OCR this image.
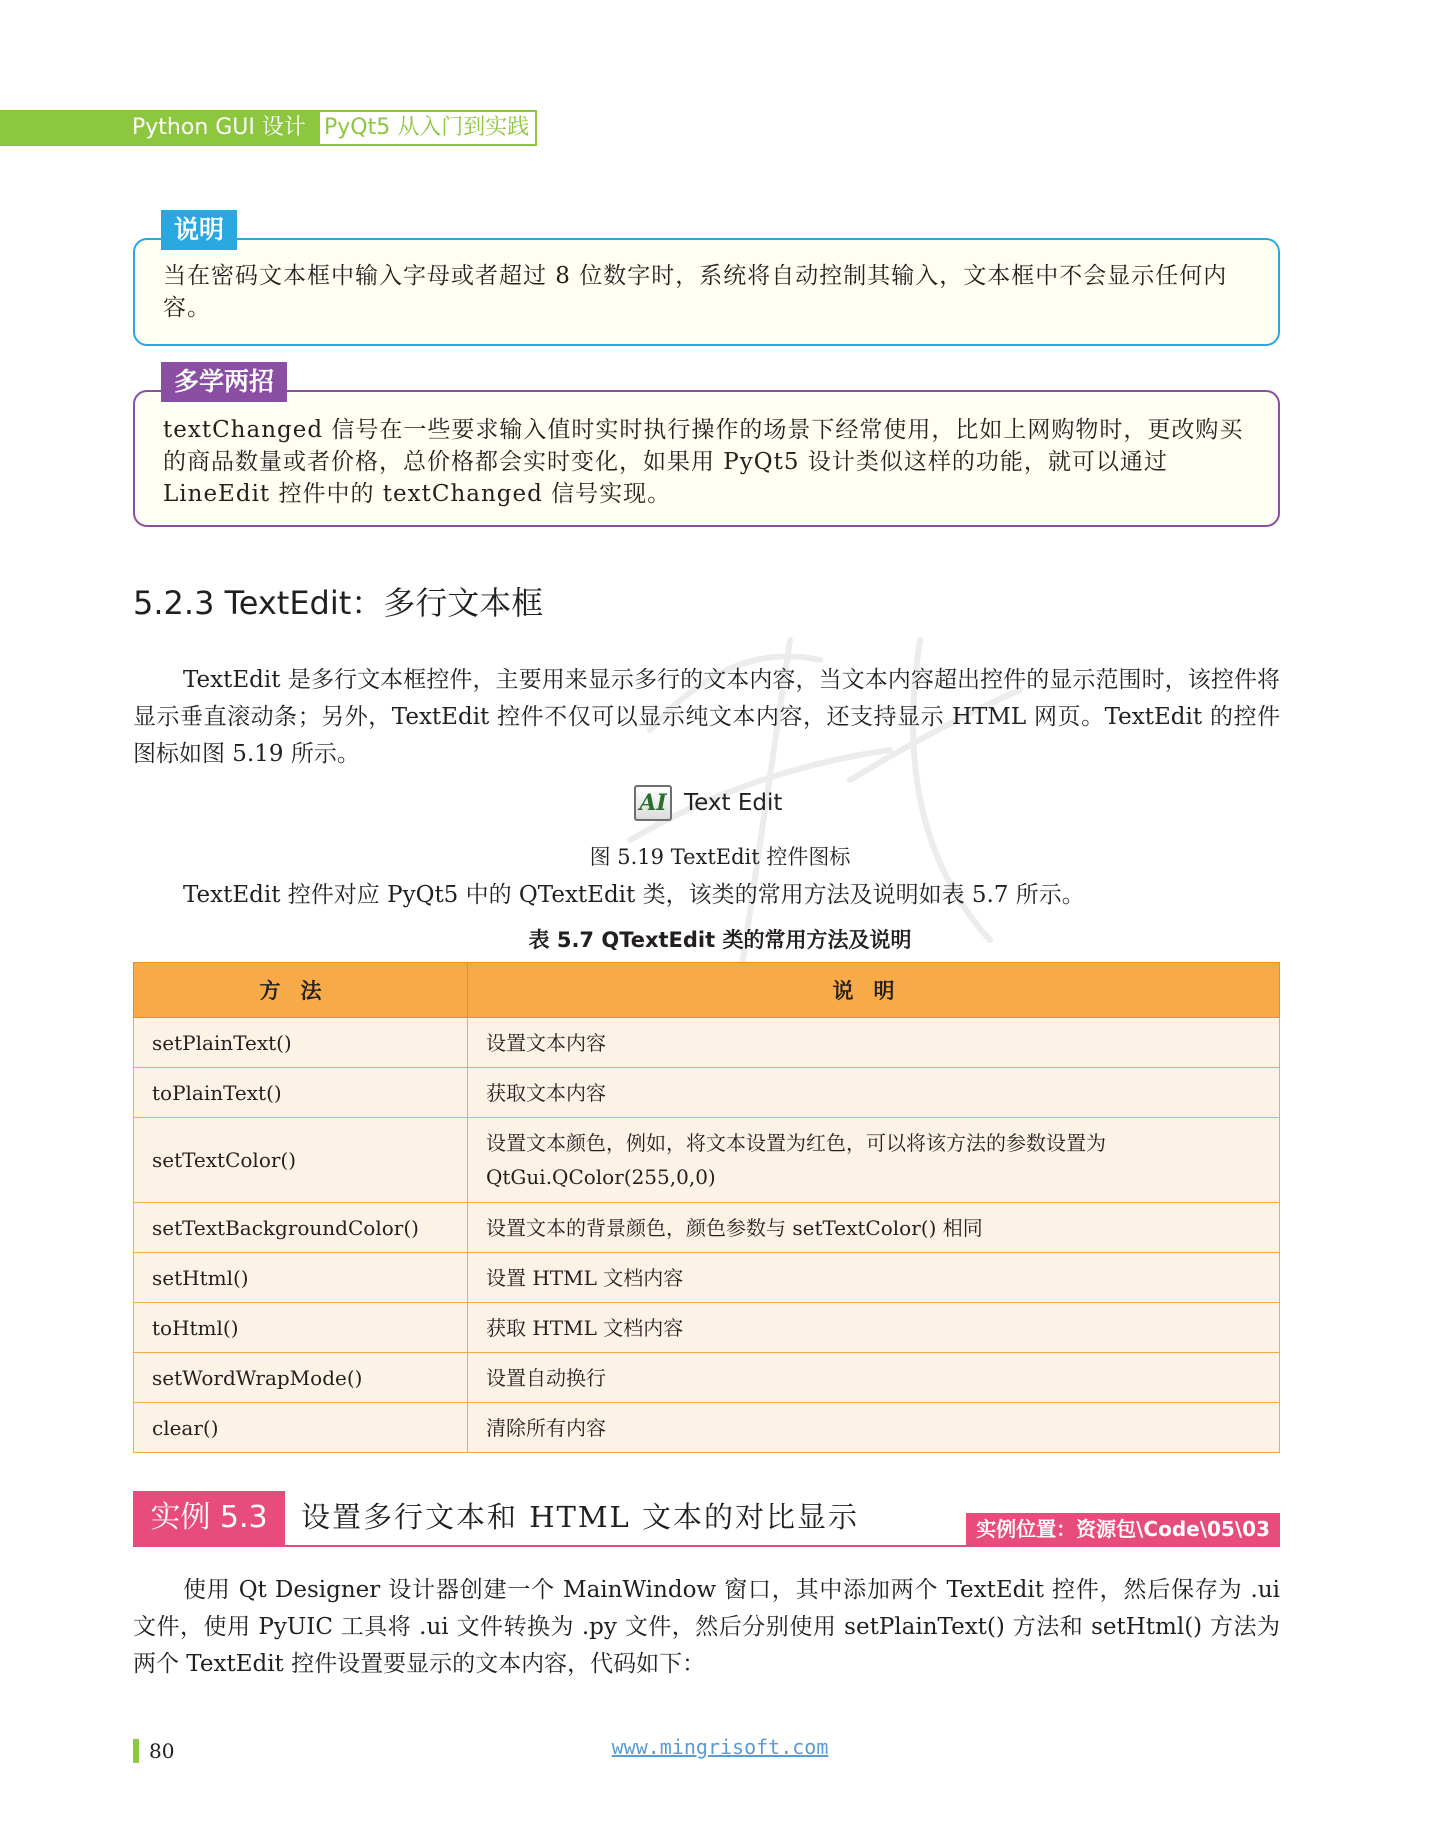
Python GUI 设计 PyQt5 从入门到实践
当在密码文本框中输入字母或者超过 8 位数字时，系统将自动控制其输入，文本框中不会显示任何内容。
说明
textChanged 信号在一些要求输入值时实时执行操作的场景下经常使用，比如上网购物时，更改购买的商品数量或者价格，总价格都会实时变化，如果用 PyQt5 设计类似这样的功能，就可以通过 LineEdit 控件中的 textChanged 信号实现。
多学两招
5.2.3 TextEdit：多行文本框

TextEdit 是多行文本框控件，主要用来显示多行的文本内容，当文本内容超出控件的显示范围时，该控件将显示垂直滚动条；另外，TextEdit 控件不仅可以显示纯文本内容，还支持显示 HTML 网页。TextEdit 的控件图标如图 5.19 所示。

AI Text Edit
图 5.19 TextEdit 控件图标

TextEdit 控件对应 PyQt5 中的 QTextEdit 类，该类的常用方法及说明如表 5.7 所示。

表 5.7 QTextEdit 类的常用方法及说明
方法	说明
setPlainText()	设置文本内容
toPlainText()	获取文本内容
setTextColor()	设置文本颜色，例如，将文本设置为红色，可以将该方法的参数设置为 QtGui.QColor(255,0,0)
setTextBackgroundColor()	设置文本的背景颜色，颜色参数与 setTextColor() 相同
setHtml()	设置 HTML 文档内容
toHtml()	获取 HTML 文档内容
setWordWrapMode()	设置自动换行
clear()	清除所有内容
实例 5.3	设置多行文本和 HTML 文本的对比显示	实例位置：资源包\Code\05\03

使用 Qt Designer 设计器创建一个 MainWindow 窗口，其中添加两个 TextEdit 控件，然后保存为 .ui 文件，使用 PyUIC 工具将 .ui 文件转换为 .py 文件，然后分别使用 setPlainText() 方法和 setHtml() 方法为两个 TextEdit 控件设置要显示的文本内容，代码如下：

80	www.mingrisoft.com
